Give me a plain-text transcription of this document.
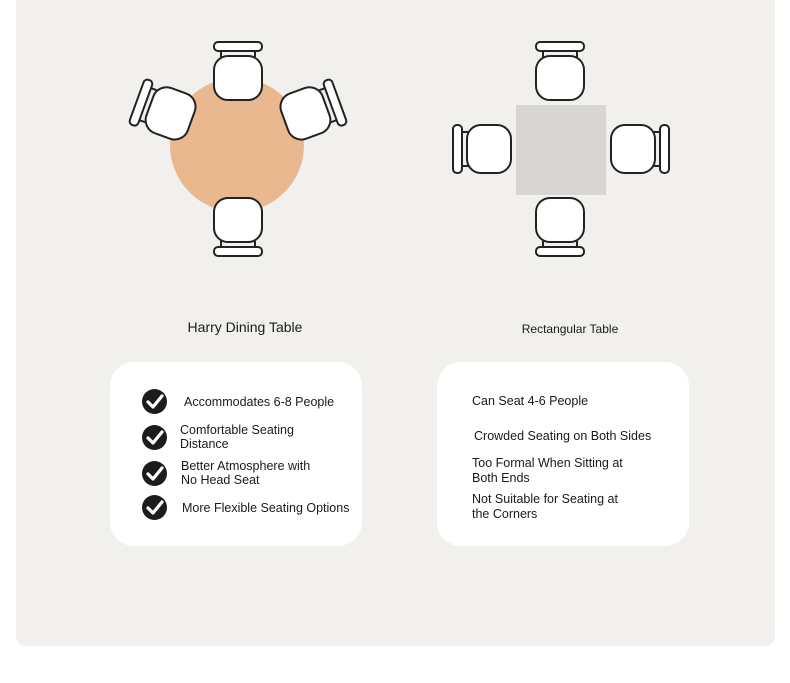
Harry Dining Table	Rectangular Table
Accommodates 6-8 People
Comfortable Seating Distance
Better Atmosphere with No Head Seat
More Flexible Seating Options
Can Seat 4-6 People
Crowded Seating on Both Sides
Too Formal When Sitting at Both Ends
Not Suitable for Seating at the Corners
